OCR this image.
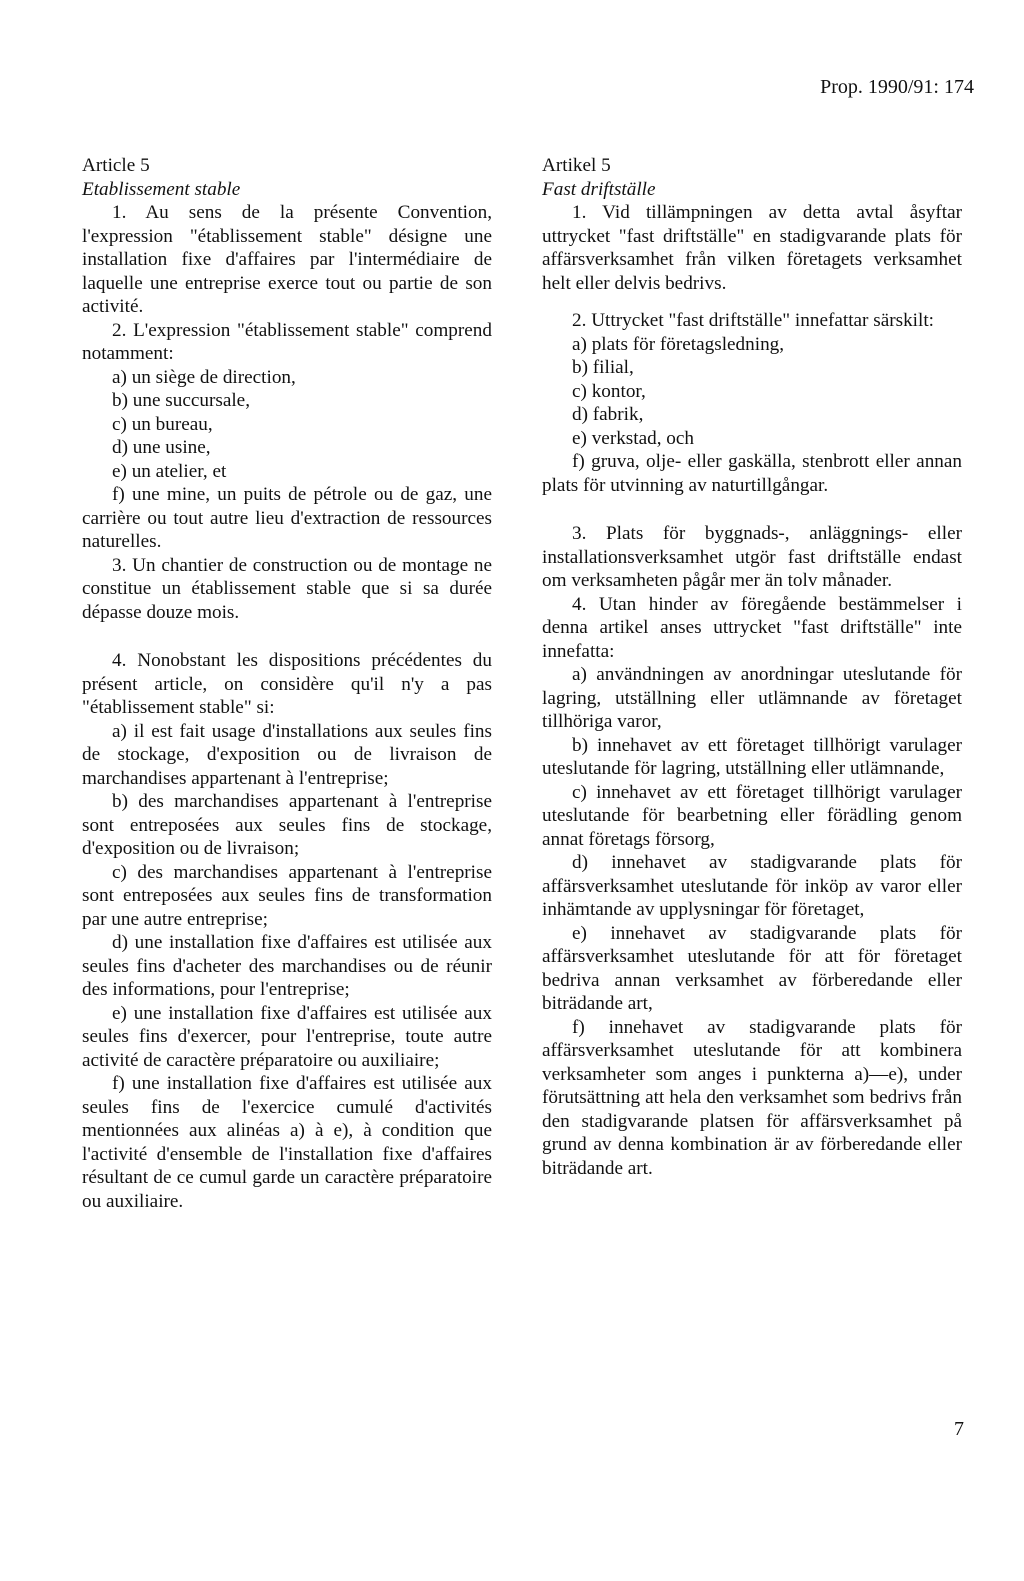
Prop. 1990/91: 174
Article 5
Etablissement stable

1. Au sens de la présente Convention, l'expression "établissement stable" désigne une installation fixe d'affaires par l'intermédiaire de laquelle une entreprise exerce tout ou partie de son activité.

2. L'expression "établissement stable" comprend notamment:

a) un siège de direction,
b) une succursale,
c) un bureau,
d) une usine,
e) un atelier, et
f) une mine, un puits de pétrole ou de gaz, une carrière ou tout autre lieu d'extraction de ressources naturelles.

3. Un chantier de construction ou de montage ne constitue un établissement stable que si sa durée dépasse douze mois.

4. Nonobstant les dispositions précédentes du présent article, on considère qu'il n'y a pas "établissement stable" si:

a) il est fait usage d'installations aux seules fins de stockage, d'exposition ou de livraison de marchandises appartenant à l'entreprise;
b) des marchandises appartenant à l'entreprise sont entreposées aux seules fins de stockage, d'exposition ou de livraison;
c) des marchandises appartenant à l'entreprise sont entreposées aux seules fins de transformation par une autre entreprise;
d) une installation fixe d'affaires est utilisée aux seules fins d'acheter des marchandises ou de réunir des informations, pour l'entreprise;
e) une installation fixe d'affaires est utilisée aux seules fins d'exercer, pour l'entreprise, toute autre activité de caractère préparatoire ou auxiliaire;
f) une installation fixe d'affaires est utilisée aux seules fins de l'exercice cumulé d'activités mentionnées aux alinéas a) à e), à condition que l'activité d'ensemble de l'installation fixe d'affaires résultant de ce cumul garde un caractère préparatoire ou auxiliaire.
Artikel 5
Fast driftställe

1. Vid tillämpningen av detta avtal åsyftar uttrycket "fast driftställe" en stadigvarande plats för affärsverksamhet från vilken företagets verksamhet helt eller delvis bedrivs.

2. Uttrycket "fast driftställe" innefattar särskilt:

a) plats för företagsledning,
b) filial,
c) kontor,
d) fabrik,
e) verkstad, och
f) gruva, olje- eller gaskälla, stenbrott eller annan plats för utvinning av naturtillgångar.

3. Plats för byggnads-, anläggnings- eller installationsverksamhet utgör fast driftställe endast om verksamheten pågår mer än tolv månader.

4. Utan hinder av föregående bestämmelser i denna artikel anses uttrycket "fast driftställe" inte innefatta:

a) användningen av anordningar uteslutande för lagring, utställning eller utlämnande av företaget tillhöriga varor,
b) innehavet av ett företaget tillhörigt varulager uteslutande för lagring, utställning eller utlämnande,
c) innehavet av ett företaget tillhörigt varulager uteslutande för bearbetning eller förädling genom annat företags försorg,
d) innehavet av stadigvarande plats för affärsverksamhet uteslutande för inköp av varor eller inhämtande av upplysningar för företaget,
e) innehavet av stadigvarande plats för affärsverksamhet uteslutande för att för företaget bedriva annan verksamhet av förberedande eller biträdande art,
f) innehavet av stadigvarande plats för affärsverksamhet uteslutande för att kombinera verksamheter som anges i punkterna a)—e), under förutsättning att hela den verksamhet som bedrivs från den stadigvarande platsen för affärsverksamhet på grund av denna kombination är av förberedande eller biträdande art.
7
